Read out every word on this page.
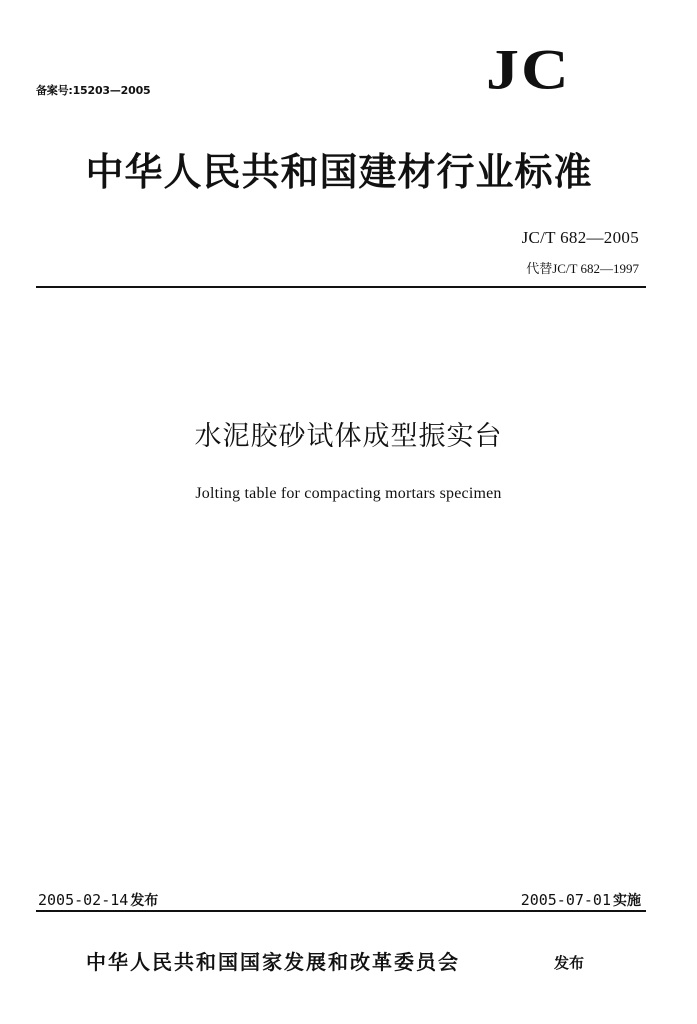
备案号:15203—2005	JC
中华人民共和国建材行业标准
JC/T 682—2005
代替JC/T 682—1997
水泥胶砂试体成型振实台
Jolting table for compacting mortars specimen
2005-02-14 发布	2005-07-01 实施
中华人民共和国国家发展和改革委员会	发布
